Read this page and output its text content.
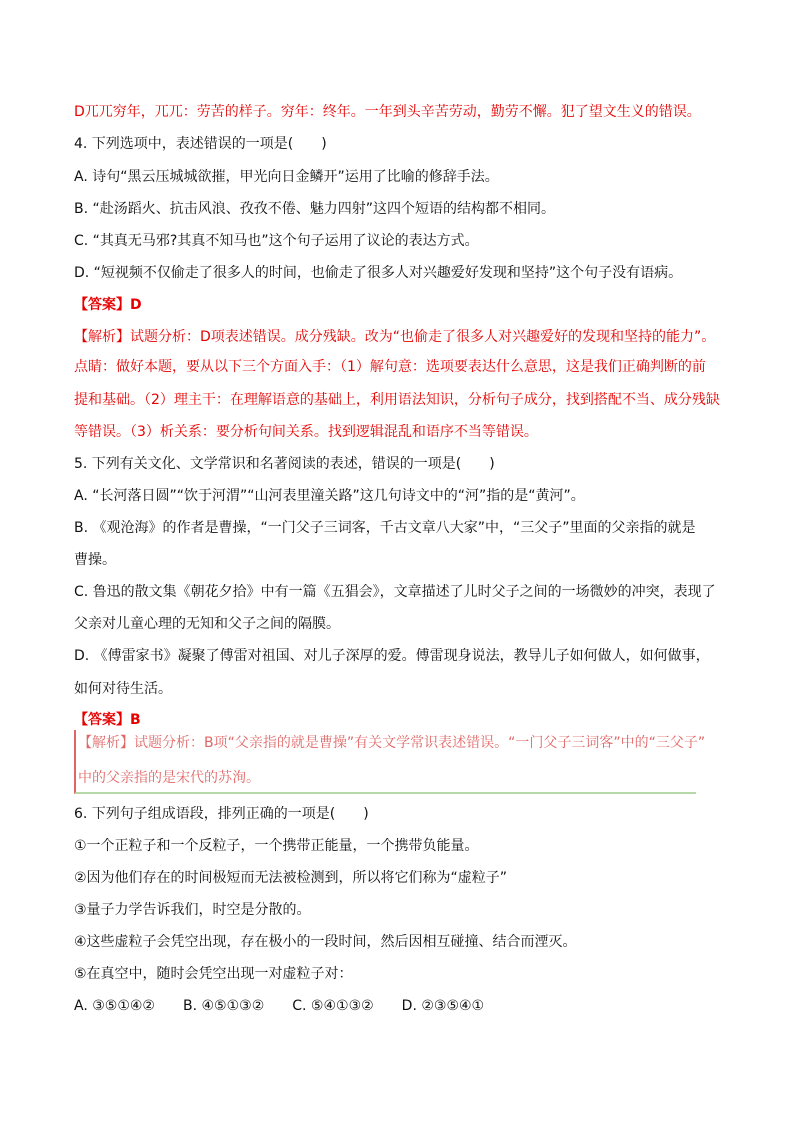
D兀兀穷年，兀兀：劳苦的样子。穷年：终年。一年到头辛苦劳动，勤劳不懈。犯了望文生义的错误。
4. 下列选项中，表述错误的一项是(　　)
A. 诗句“黑云压城城欲摧，甲光向日金鳞开”运用了比喻的修辞手法。
B. “赴汤蹈火、抗击风浪、孜孜不倦、魅力四射”这四个短语的结构都不相同。
C. “其真无马邪?其真不知马也”这个句子运用了议论的表达方式。
D. “短视频不仅偷走了很多人的时间，也偷走了很多人对兴趣爱好发现和坚持”这个句子没有语病。
【答案】D
【解析】试题分析：D项表述错误。成分残缺。改为“也偷走了很多人对兴趣爱好的发现和坚持的能力”。
点睛：做好本题，要从以下三个方面入手：（1）解句意：选项要表达什么意思，这是我们正确判断的前
提和基础。（2）理主干：在理解语意的基础上，利用语法知识，分析句子成分，找到搭配不当、成分残缺
等错误。（3）析关系：要分析句间关系。找到逻辑混乱和语序不当等错误。
5. 下列有关文化、文学常识和名著阅读的表述，错误的一项是(　　)
A. “长河落日圆”“饮于河渭”“山河表里潼关路”这几句诗文中的“河”指的是“黄河”。
B. 《观沧海》的作者是曹操，“一门父子三词客，千古文章八大家”中，“三父子”里面的父亲指的就是
曹操。
C. 鲁迅的散文集《朝花夕拾》中有一篇《五猖会》，文章描述了儿时父子之间的一场微妙的冲突，表现了
父亲对儿童心理的无知和父子之间的隔膜。
D. 《傅雷家书》凝聚了傅雷对祖国、对儿子深厚的爱。傅雷现身说法，教导儿子如何做人，如何做事，
如何对待生活。
【答案】B
【解析】试题分析：B项“父亲指的就是曹操”有关文学常识表述错误。“一门父子三词客”中的“三父子”
中的父亲指的是宋代的苏洵。
6. 下列句子组成语段，排列正确的一项是(　　)
①一个正粒子和一个反粒子，一个携带正能量，一个携带负能量。
②因为他们存在的时间极短而无法被检测到，所以将它们称为“虚粒子”
③量子力学告诉我们，时空是分散的。
④这些虚粒子会凭空出现，存在极小的一段时间，然后因相互碰撞、结合而湮灭。
⑤在真空中，随时会凭空出现一对虚粒子对：
A. ③⑤①④②　　B. ④⑤①③②　　C. ⑤④①③②　　D. ②③⑤④①
